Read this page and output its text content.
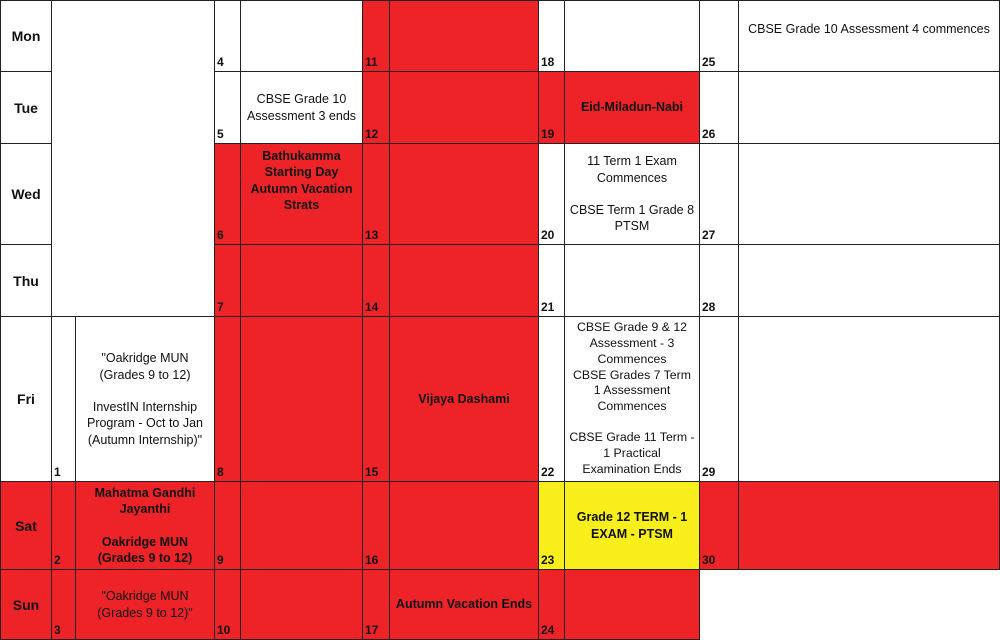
Mon
Tue
Wed
Thu
Fri
Sat
Sun
1
"Oakridge MUN
(Grades 9 to 12)

InvestIN Internship
Program - Oct to Jan
(Autumn Internship)"
2
Mahatma Gandhi
Jayanthi

Oakridge MUN
(Grades 9 to 12)
3
"Oakridge MUN
(Grades 9 to 12)"
4
5
CBSE Grade 10
Assessment 3 ends
6
Bathukamma
Starting Day
Autumn Vacation
Strats
7
8
9
10
11
12
13
14
15
Vijaya Dashami
16
17
Autumn Vacation Ends
18
19
Eid-Miladun-Nabi
20
11 Term 1 Exam
Commences

CBSE Term 1 Grade 8
PTSM
21
22
CBSE Grade 9 & 12
Assessment - 3
Commences
CBSE Grades 7 Term
1 Assessment
Commences

CBSE Grade 11 Term -
1 Practical
Examination Ends
23
Grade 12 TERM - 1
EXAM - PTSM
24
25
CBSE Grade 10 Assessment 4 commences
26
27
28
29
30
